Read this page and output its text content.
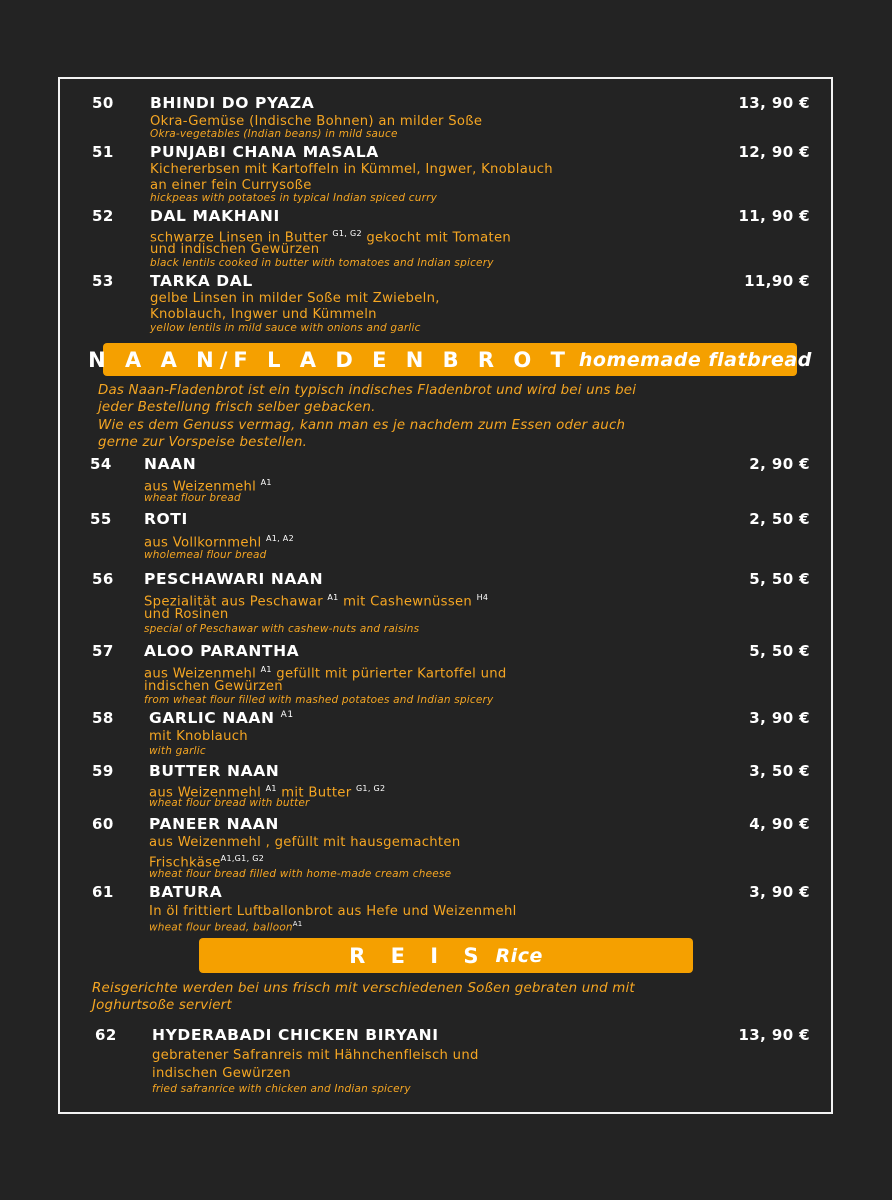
50 BHINDI DO PYAZA	13, 90 €
Okra-Gemüse (Indische Bohnen) an milder Soße
Okra-vegetables (Indian beans) in mild sauce
51 PUNJABI CHANA MASALA	12, 90 €
Kichererbsen mit Kartoffeln in Kümmel, Ingwer, Knoblauch
an einer fein Currysoße
hickpeas with potatoes in typical Indian spiced curry
52 DAL MAKHANI	11, 90 €
schwarze Linsen in Butter $^{G1, G2}$ gekocht mit Tomaten
und indischen Gewürzen
black lentils cooked in butter with tomatoes and Indian spicery
53 TARKA DAL	11,90 €
gelbe Linsen in milder Soße mit Zwiebeln,
Knoblauch, Ingwer und Kümmeln
yellow lentils in mild sauce with onions and garlic
N A A N/F L A D E N B R O T homemade flatbread
Das Naan-Fladenbrot ist ein typisch indisches Fladenbrot und wird bei uns bei
jeder Bestellung frisch selber gebacken.
Wie es dem Genuss vermag, kann man es je nachdem zum Essen oder auch
gerne zur Vorspeise bestellen.
54 NAAN	2, 90 €
aus Weizenmehl $^{A1}$
wheat flour bread
55 ROTI	2, 50 €
aus Vollkornmehl $^{A1, A2}$
wholemeal flour bread
56 PESCHAWARI NAAN	5, 50 €
Spezialität aus Peschawar $^{A1}$ mit Cashewnüssen $^{H4}$
und Rosinen
special of Peschawar with cashew-nuts and raisins
57 ALOO PARANTHA	5, 50 €
aus Weizenmehl $^{A1}$ gefüllt mit pürierter Kartoffel und
indischen Gewürzen
from wheat flour filled with mashed potatoes and Indian spicery
58 GARLIC NAAN $^{A1}$	3, 90 €
mit Knoblauch
with garlic
59 BUTTER NAAN	3, 50 €
aus Weizenmehl $^{A1}$ mit Butter $^{G1, G2}$
wheat flour bread with butter
60 PANEER NAAN	4, 90 €
aus Weizenmehl , gefüllt mit hausgemachten
Frischkäse$^{A1,G1, G2}$
wheat flour bread filled with home-made cream cheese
61 BATURA	3, 90 €
In öl frittiert Luftballonbrot aus Hefe und Weizenmehl
wheat flour bread, balloon$^{A1}$
R E I S Rice
Reisgerichte werden bei uns frisch mit verschiedenen Soßen gebraten und mit
Joghurtsoße serviert
62 HYDERABADI CHICKEN BIRYANI	13, 90 €
gebratener Safranreis mit Hähnchenfleisch und
indischen Gewürzen
fried safranrice with chicken and Indian spicery
